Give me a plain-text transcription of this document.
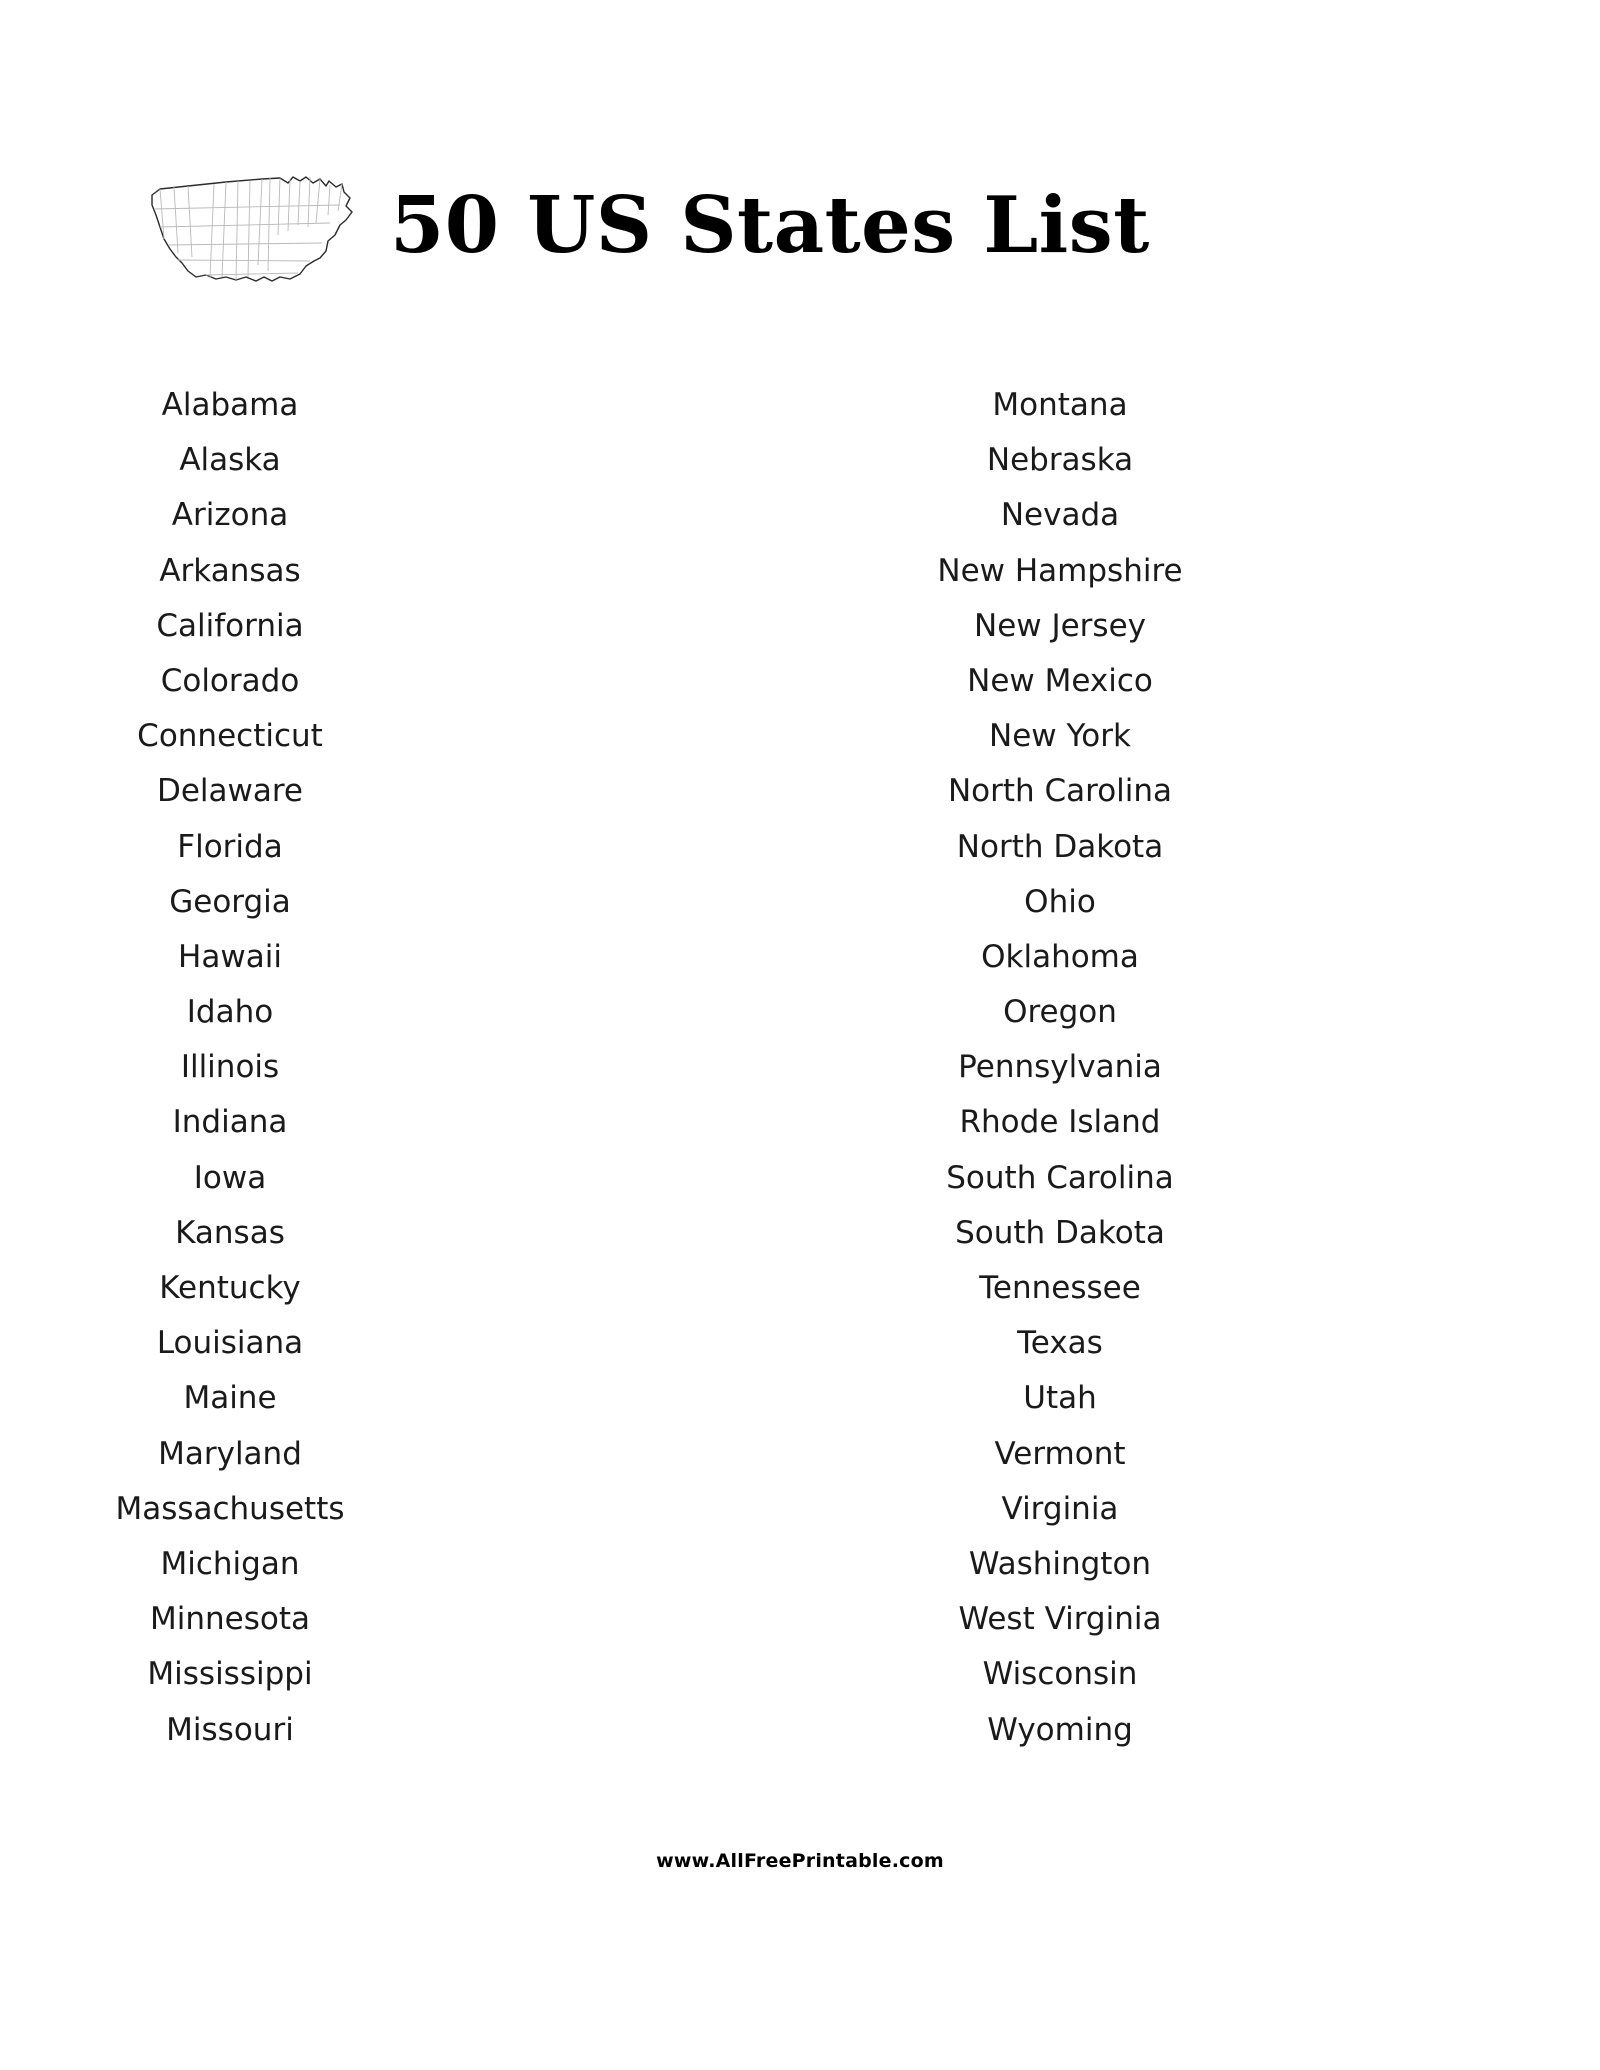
50 US States List
Alabama
Alaska
Arizona
Arkansas
California
Colorado
Connecticut
Delaware
Florida
Georgia
Hawaii
Idaho
Illinois
Indiana
Iowa
Kansas
Kentucky
Louisiana
Maine
Maryland
Massachusetts
Michigan
Minnesota
Mississippi
Missouri
Montana
Nebraska
Nevada
New Hampshire
New Jersey
New Mexico
New York
North Carolina
North Dakota
Ohio
Oklahoma
Oregon
Pennsylvania
Rhode Island
South Carolina
South Dakota
Tennessee
Texas
Utah
Vermont
Virginia
Washington
West Virginia
Wisconsin
Wyoming
www.AllFreePrintable.com
